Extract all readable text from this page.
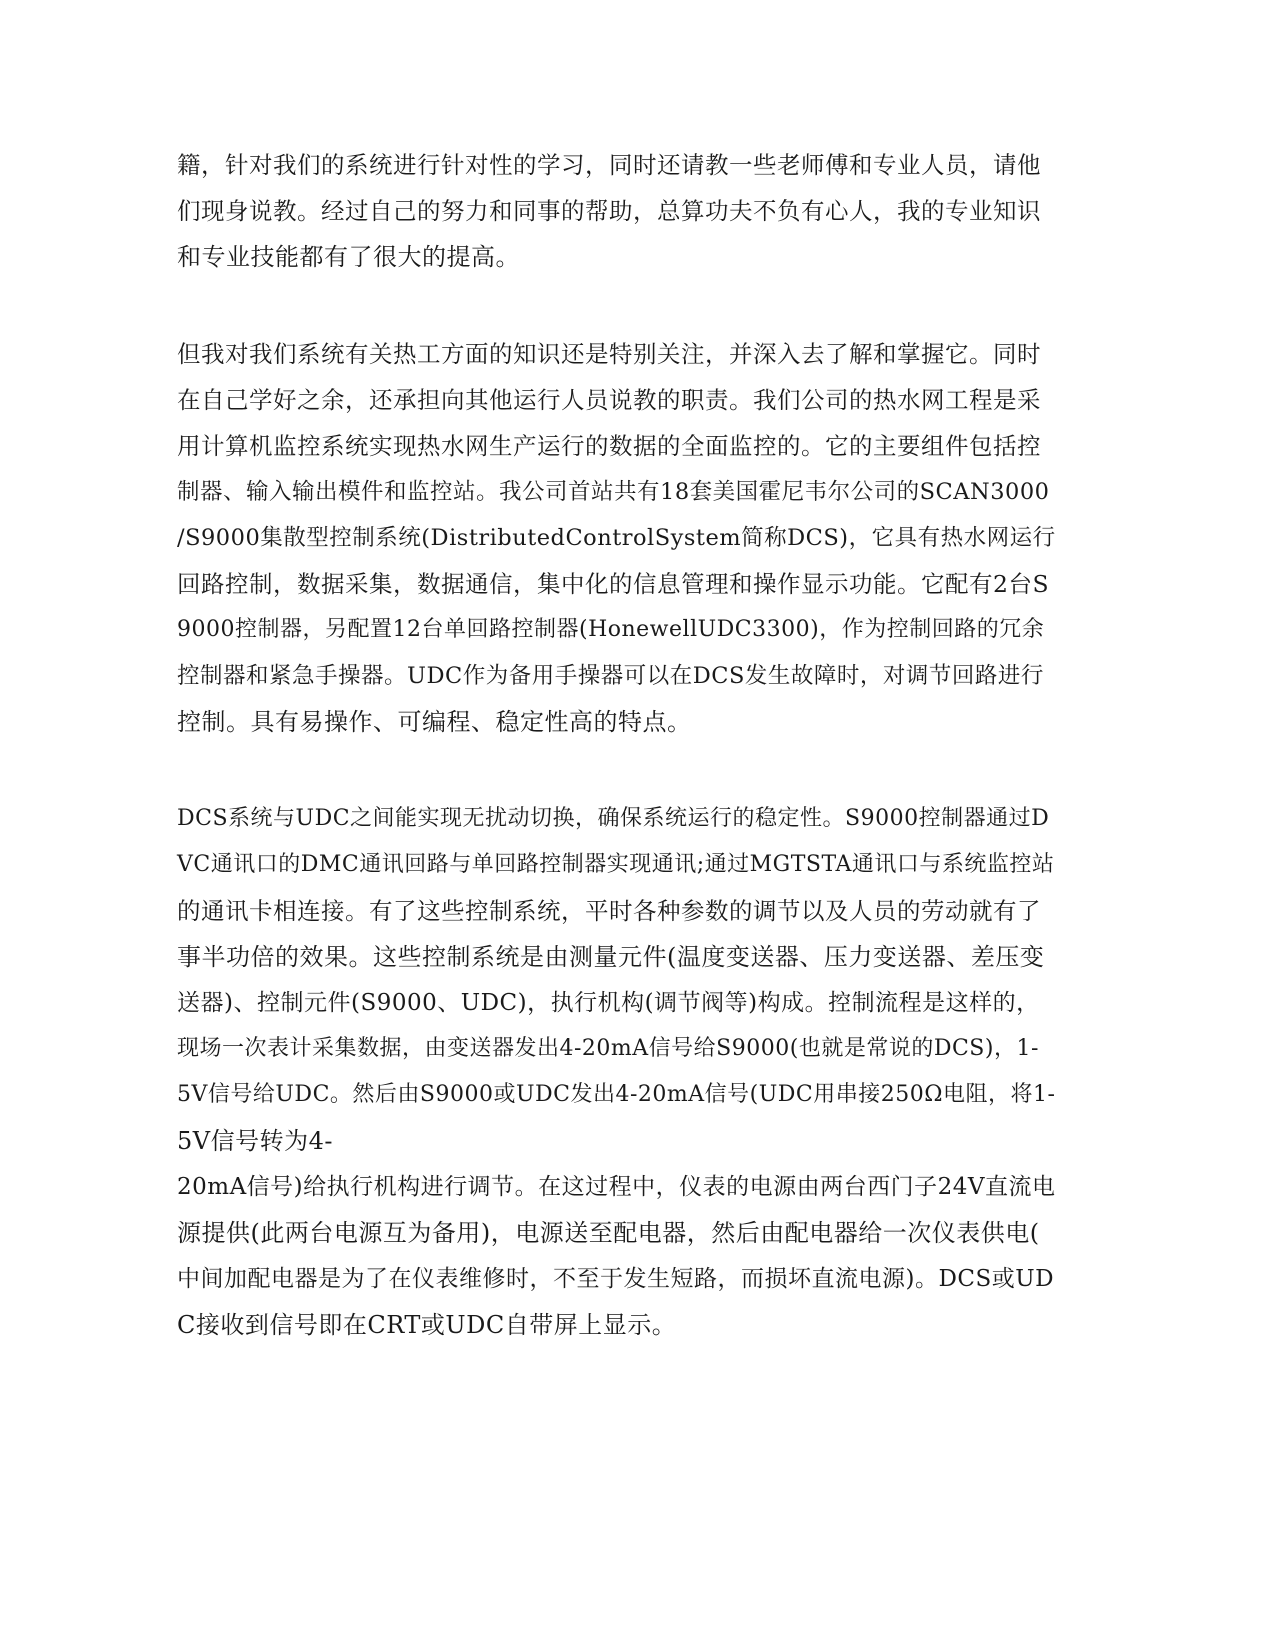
籍，针对我们的系统进行针对性的学习，同时还请教一些老师傅和专业人员，请他
们现身说教。经过自己的努力和同事的帮助，总算功夫不负有心人，我的专业知识
和专业技能都有了很大的提高。
但我对我们系统有关热工方面的知识还是特别关注，并深入去了解和掌握它。同时
在自己学好之余，还承担向其他运行人员说教的职责。我们公司的热水网工程是采
用计算机监控系统实现热水网生产运行的数据的全面监控的。它的主要组件包括控
制器、输入输出模件和监控站。我公司首站共有18套美国霍尼韦尔公司的SCAN3000
/S9000集散型控制系统(DistributedControlSystem简称DCS)，它具有热水网运行
回路控制，数据采集，数据通信，集中化的信息管理和操作显示功能。它配有2台S
9000控制器，另配置12台单回路控制器(HonewellUDC3300)，作为控制回路的冗余
控制器和紧急手操器。UDC作为备用手操器可以在DCS发生故障时，对调节回路进行
控制。具有易操作、可编程、稳定性高的特点。
DCS系统与UDC之间能实现无扰动切换，确保系统运行的稳定性。S9000控制器通过D
VC通讯口的DMC通讯回路与单回路控制器实现通讯;通过MGTSTA通讯口与系统监控站
的通讯卡相连接。有了这些控制系统，平时各种参数的调节以及人员的劳动就有了
事半功倍的效果。这些控制系统是由测量元件(温度变送器、压力变送器、差压变
送器)、控制元件(S9000、UDC)，执行机构(调节阀等)构成。控制流程是这样的，
现场一次表计采集数据，由变送器发出4-20mA信号给S9000(也就是常说的DCS)，1-
5V信号给UDC。然后由S9000或UDC发出4-20mA信号(UDC用串接250Ω电阻，将1-
5V信号转为4-
20mA信号)给执行机构进行调节。在这过程中，仪表的电源由两台西门子24V直流电
源提供(此两台电源互为备用)，电源送至配电器，然后由配电器给一次仪表供电(
中间加配电器是为了在仪表维修时，不至于发生短路，而损坏直流电源)。DCS或UD
C接收到信号即在CRT或UDC自带屏上显示。
